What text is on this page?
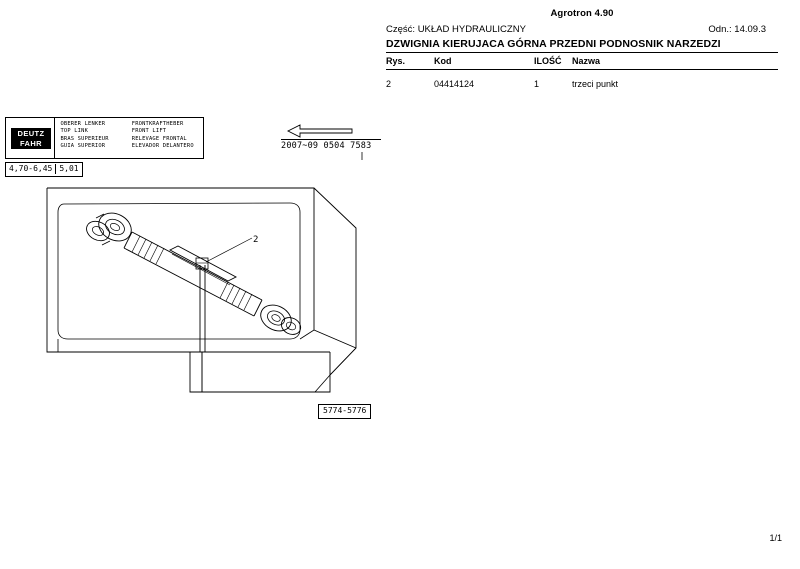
Agrotron 4.90
Część: UKŁAD HYDRAULICZNY	Odn.: 14.09.3
DZWIGNIA KIERUJACA GÓRNA PRZEDNI PODNOSNIK NARZEDZI
Rys.	Kod	ILOŚĆ	Nazwa
2	04414124	1	trzeci punkt
DEUTZ
FAHR
OBERER LENKER
TOP LINK
BRAS SUPERIEUR
GUIA SUPERIOR
FRONTKRAFTHEBER
FRONT LIFT
RELEVAGE FRONTAL
ELEVADOR DELANTERO	2007~09 0504 7583
4,70-6,45 5,01
5774-5776
2
1/1
